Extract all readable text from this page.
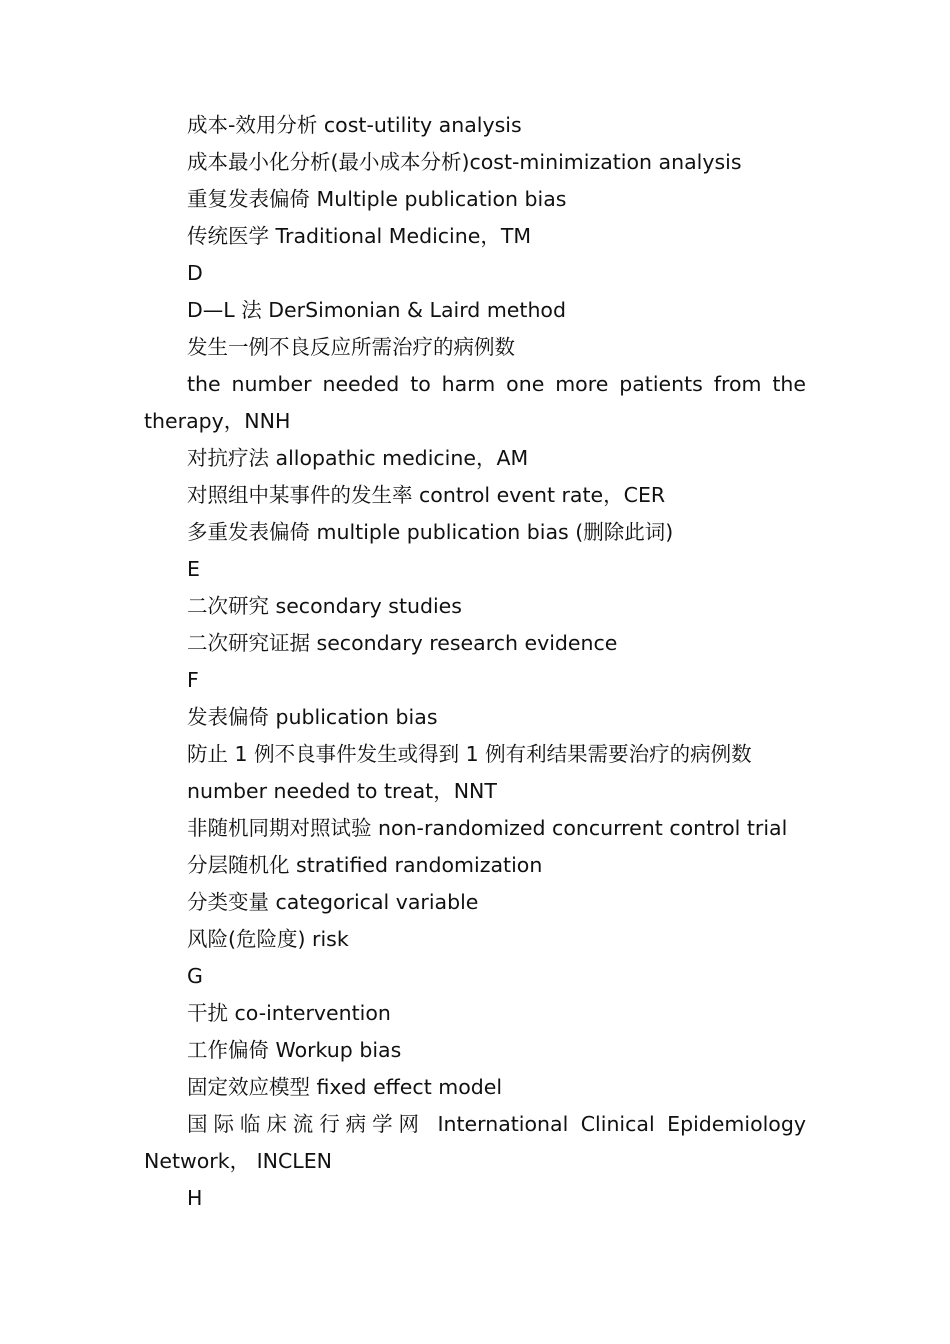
成本-效用分析 cost-utility analysis
成本最小化分析(最小成本分析)cost-minimization analysis
重复发表偏倚 Multiple publication bias
传统医学 Traditional Medicine，TM
D
D—L 法 DerSimonian & Laird method
发生一例不良反应所需治疗的病例数
the number needed to harm one more patients from the
therapy，NNH
对抗疗法 allopathic medicine，AM
对照组中某事件的发生率 control event rate，CER
多重发表偏倚 multiple publication bias (删除此词)
E
二次研究 secondary studies
二次研究证据 secondary research evidence
F
发表偏倚 publication bias
防止 1 例不良事件发生或得到 1 例有利结果需要治疗的病例数
number needed to treat，NNT
非随机同期对照试验 non-randomized concurrent control trial
分层随机化 stratified randomization
分类变量 categorical variable
风险(危险度) risk
G
干扰 co-intervention
工作偏倚 Workup bias
固定效应模型 fixed effect model
国际临床流行病学网 International Clinical Epidemiology
Network， INCLEN
H
